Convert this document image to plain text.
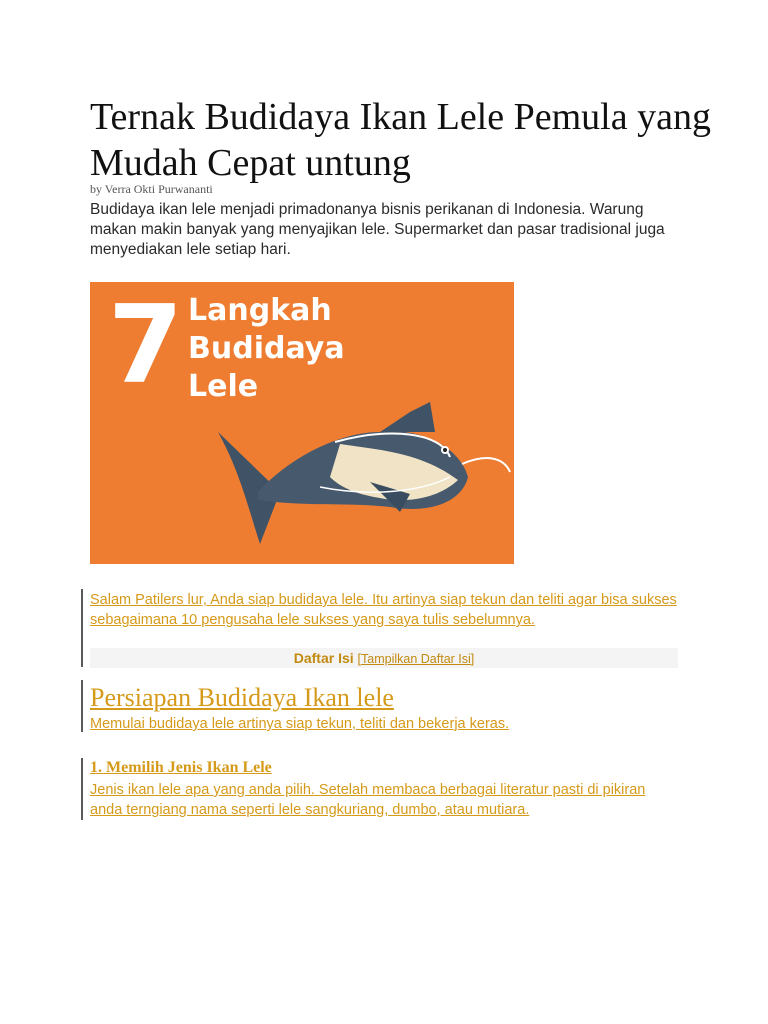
Ternak Budidaya Ikan Lele Pemula yang Mudah Cepat untung
by Verra Okti Purwananti
Budidaya ikan lele menjadi primadonanya bisnis perikanan di Indonesia. Warung makan makin banyak yang menyajikan lele. Supermarket dan pasar tradisional juga menyediakan lele setiap hari.
7 Langkah
Budidaya
Lele
Salam Patilers lur, Anda siap budidaya lele. Itu artinya siap tekun dan teliti agar bisa sukses sebagaimana 10 pengusaha lele sukses yang saya tulis sebelumnya.
Daftar Isi [Tampilkan Daftar Isi]
Persiapan Budidaya Ikan lele
Memulai budidaya lele artinya siap tekun, teliti dan bekerja keras.
1. Memilih Jenis Ikan Lele
Jenis ikan lele apa yang anda pilih. Setelah membaca berbagai literatur pasti di pikiran anda terngiang nama seperti lele sangkuriang, dumbo, atau mutiara.
